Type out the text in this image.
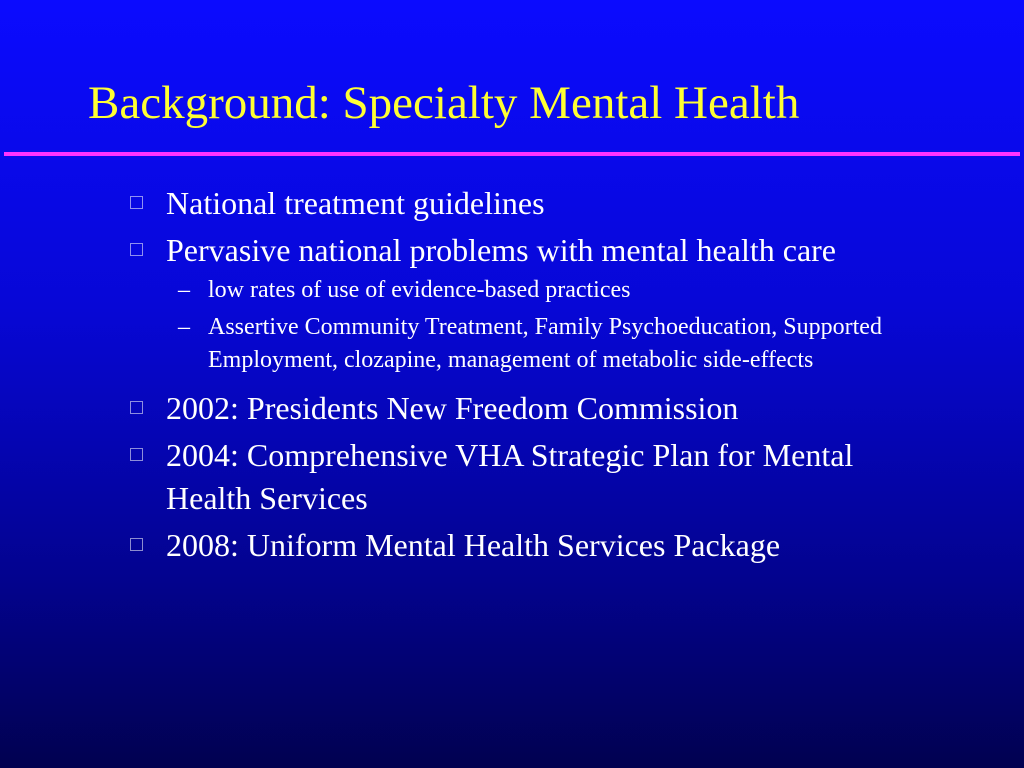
Background: Specialty Mental Health
National treatment guidelines
Pervasive national problems with mental health care
– low rates of use of evidence-based practices
– Assertive Community Treatment, Family Psychoeducation, Supported Employment, clozapine, management of metabolic side-effects
2002: Presidents New Freedom Commission
2004: Comprehensive VHA Strategic Plan for Mental Health Services
2008: Uniform Mental Health Services Package
